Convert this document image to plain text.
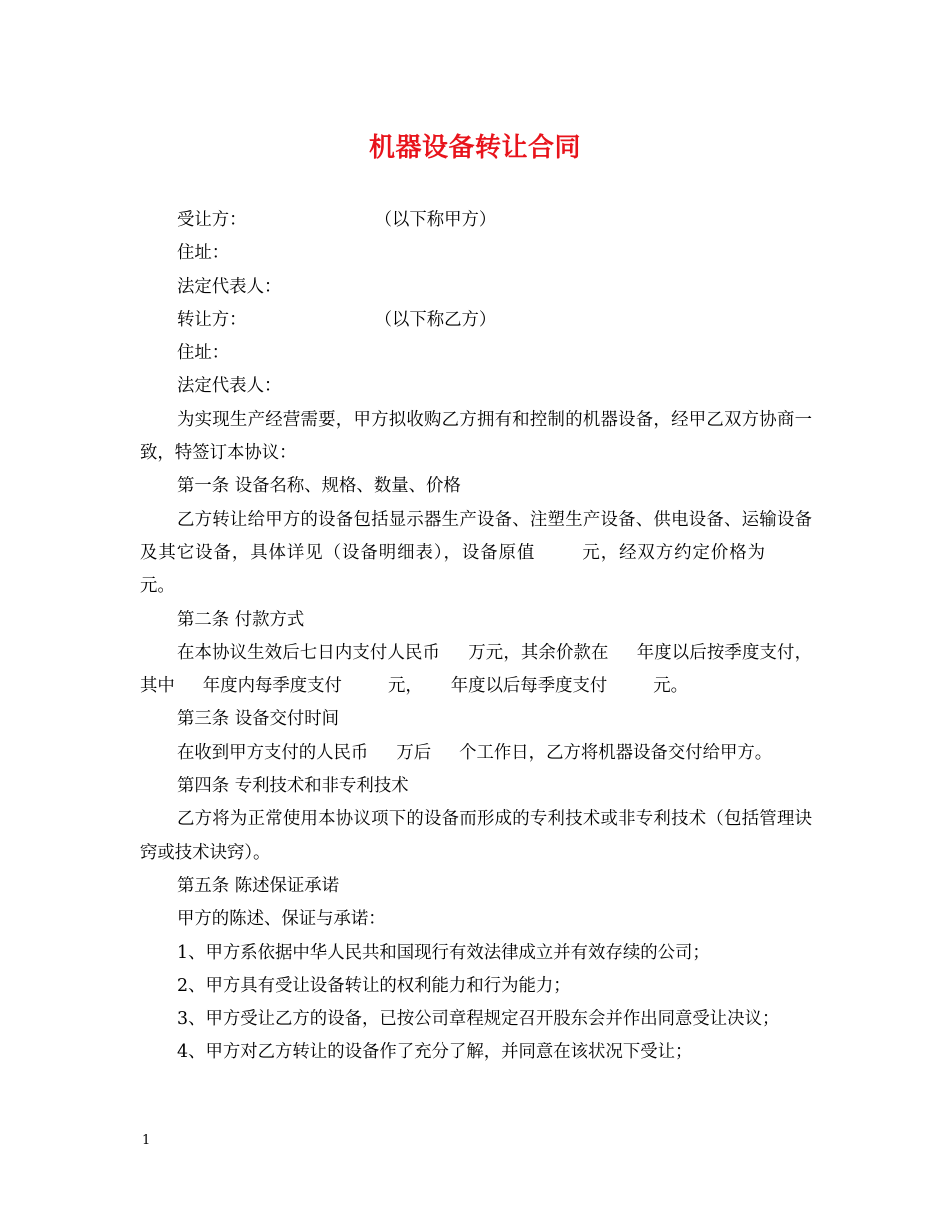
机器设备转让合同

受让方：	（以下称甲方）

住址：

法定代表人：

转让方：	（以下称乙方）

住址：

法定代表人：

为实现生产经营需要，甲方拟收购乙方拥有和控制的机器设备，经甲乙双方协商一致，特签订本协议：

第一条 设备名称、规格、数量、价格

乙方转让给甲方的设备包括显示器生产设备、注塑生产设备、供电设备、运输设备及其它设备，具体详见（设备明细表），设备原值	元，经双方约定价格为元。

第二条 付款方式

在本协议生效后七日内支付人民币 万元，其余价款在 年度以后按季度支付，其中 年度内每季度支付	元， 年度以后每季度支付	元。

第三条 设备交付时间

在收到甲方支付的人民币 万后 个工作日，乙方将机器设备交付给甲方。

第四条 专利技术和非专利技术

乙方将为正常使用本协议项下的设备而形成的专利技术或非专利技术（包括管理诀窍或技术诀窍）。

第五条 陈述保证承诺

甲方的陈述、保证与承诺：

1、甲方系依据中华人民共和国现行有效法律成立并有效存续的公司；

2、甲方具有受让设备转让的权利能力和行为能力；

3、甲方受让乙方的设备，已按公司章程规定召开股东会并作出同意受让决议；

4、甲方对乙方转让的设备作了充分了解，并同意在该状况下受让；

1
